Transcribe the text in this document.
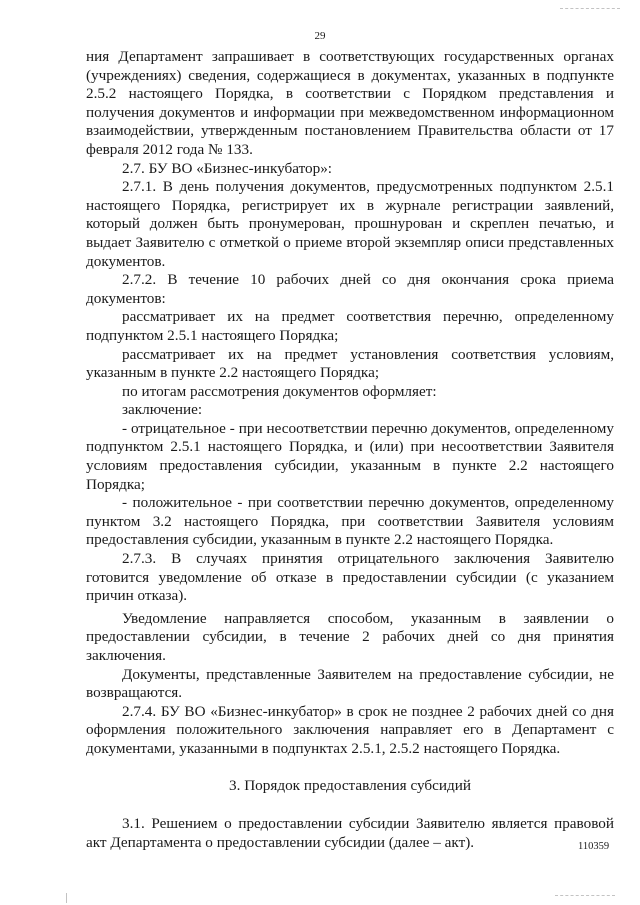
29

ния Департамент запрашивает в соответствующих государственных органах (учреждениях) сведения, содержащиеся в документах, указанных в подпункте 2.5.2 настоящего Порядка, в соответствии с Порядком представления и получения документов и информации при межведомственном информационном взаимодействии, утвержденным постановлением Правительства области от 17 февраля 2012 года № 133.

2.7. БУ ВО «Бизнес-инкубатор»:

2.7.1. В день получения документов, предусмотренных подпунктом 2.5.1 настоящего Порядка, регистрирует их в журнале регистрации заявлений, который должен быть пронумерован, прошнурован и скреплен печатью, и выдает Заявителю с отметкой о приеме второй экземпляр описи представленных документов.

2.7.2. В течение 10 рабочих дней со дня окончания срока приема документов:

рассматривает их на предмет соответствия перечню, определенному подпунктом 2.5.1 настоящего Порядка;

рассматривает их на предмет установления соответствия условиям, указанным в пункте 2.2 настоящего Порядка;

по итогам рассмотрения документов оформляет:

заключение:

- отрицательное - при несоответствии перечню документов, определенному подпунктом 2.5.1 настоящего Порядка, и (или) при несоответствии Заявителя условиям предоставления субсидии, указанным в пункте 2.2 настоящего Порядка;

- положительное - при соответствии перечню документов, определенному пунктом 3.2 настоящего Порядка, при соответствии Заявителя условиям предоставления субсидии, указанным в пункте 2.2 настоящего Порядка.

2.7.3. В случаях принятия отрицательного заключения Заявителю готовится уведомление об отказе в предоставлении субсидии (с указанием причин отказа).

Уведомление направляется способом, указанным в заявлении о предоставлении субсидии, в течение 2 рабочих дней со дня принятия заключения.

Документы, представленные Заявителем на предоставление субсидии, не возвращаются.

2.7.4. БУ ВО «Бизнес-инкубатор» в срок не позднее 2 рабочих дней со дня оформления положительного заключения направляет его в Департамент с документами, указанными в подпунктах 2.5.1, 2.5.2 настоящего Порядка.

3. Порядок предоставления субсидий

3.1. Решением о предоставлении субсидии Заявителю является правовой акт Департамента о предоставлении субсидии (далее – акт).	110359
